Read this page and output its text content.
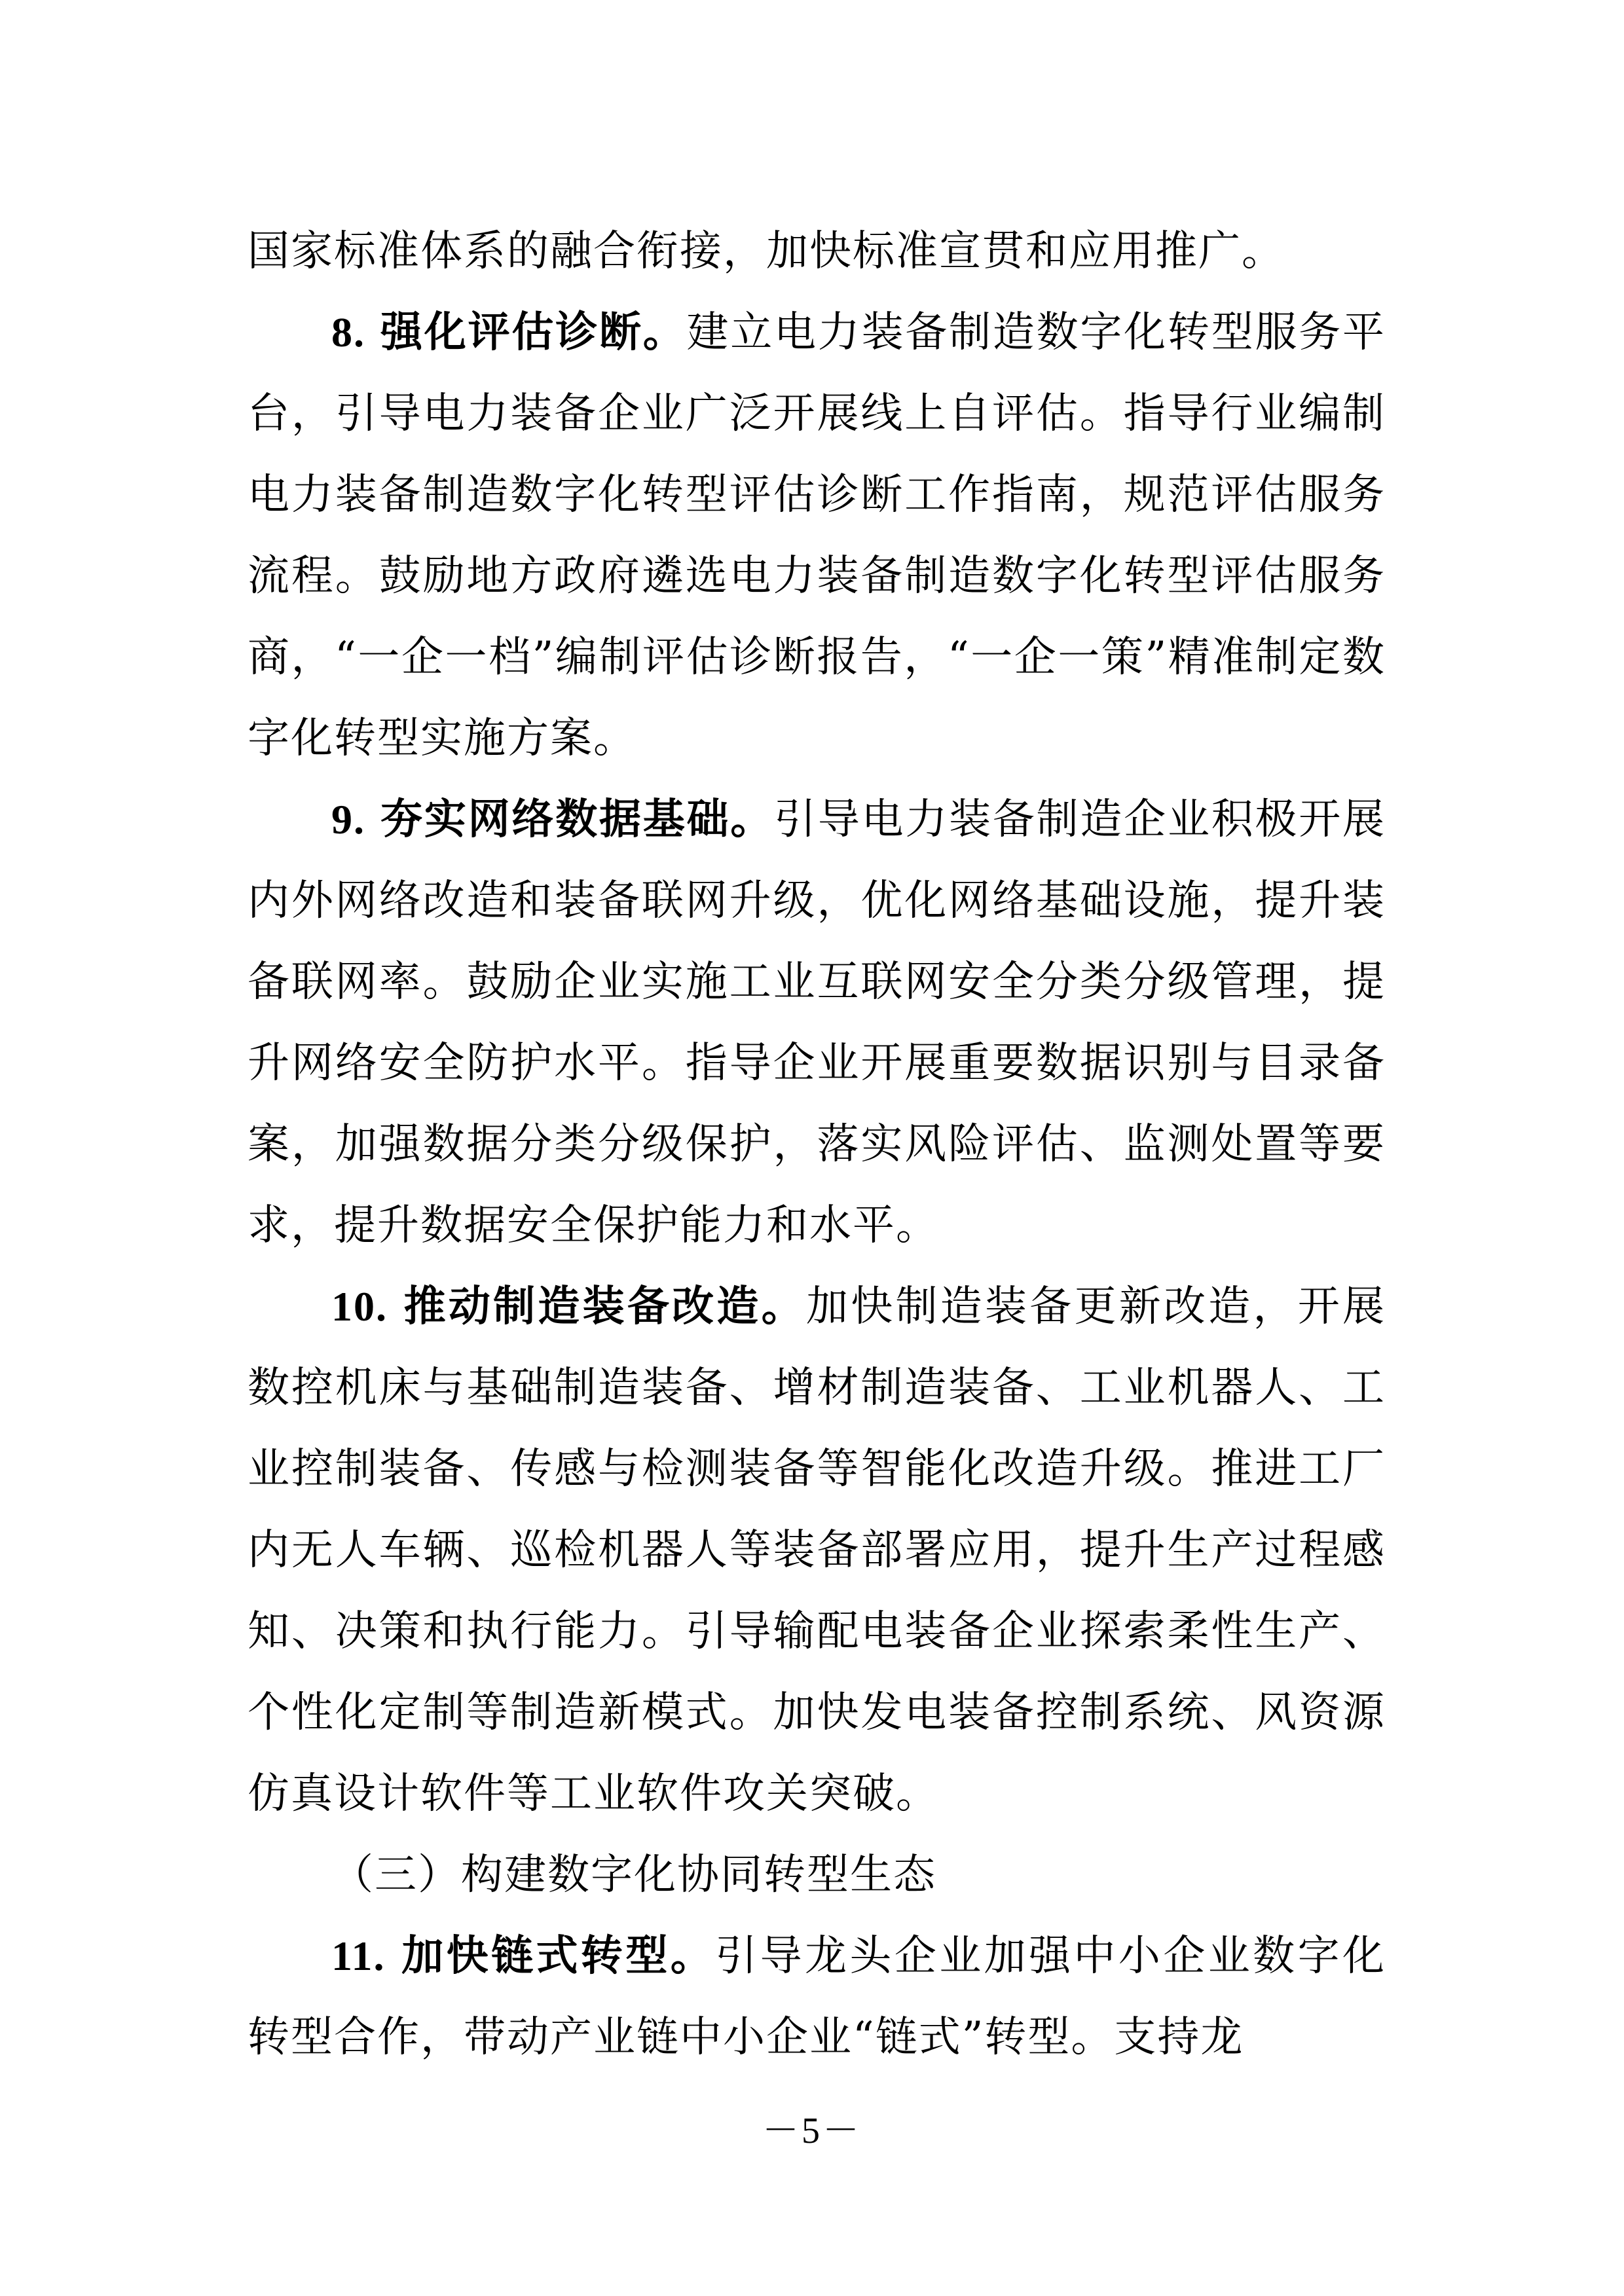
国家标准体系的融合衔接，加快标准宣贯和应用推广。

8. 强化评估诊断。建立电力装备制造数字化转型服务平台，引导电力装备企业广泛开展线上自评估。指导行业编制电力装备制造数字化转型评估诊断工作指南，规范评估服务流程。鼓励地方政府遴选电力装备制造数字化转型评估服务商，“一企一档”编制评估诊断报告，“一企一策”精准制定数字化转型实施方案。

9. 夯实网络数据基础。引导电力装备制造企业积极开展内外网络改造和装备联网升级，优化网络基础设施，提升装备联网率。鼓励企业实施工业互联网安全分类分级管理，提升网络安全防护水平。指导企业开展重要数据识别与目录备案，加强数据分类分级保护，落实风险评估、监测处置等要求，提升数据安全保护能力和水平。

10. 推动制造装备改造。加快制造装备更新改造，开展数控机床与基础制造装备、增材制造装备、工业机器人、工业控制装备、传感与检测装备等智能化改造升级。推进工厂内无人车辆、巡检机器人等装备部署应用，提升生产过程感知、决策和执行能力。引导输配电装备企业探索柔性生产、个性化定制等制造新模式。加快发电装备控制系统、风资源仿真设计软件等工业软件攻关突破。

（三）构建数字化协同转型生态

11. 加快链式转型。引导龙头企业加强中小企业数字化转型合作，带动产业链中小企业“链式”转型。支持龙

－5－
